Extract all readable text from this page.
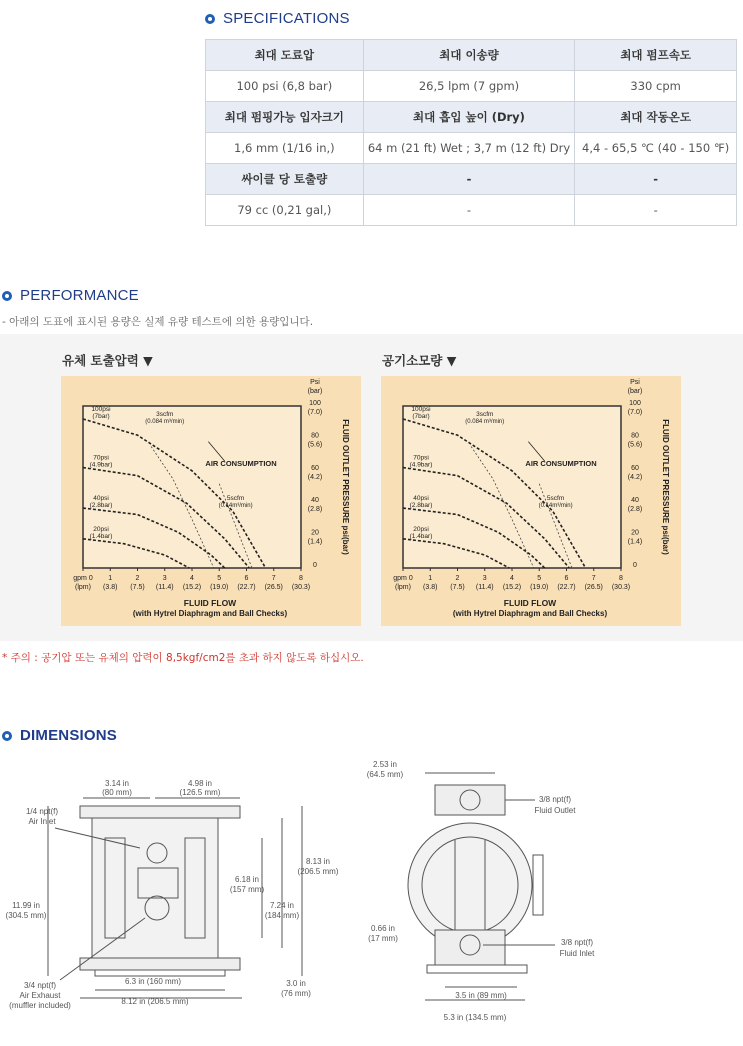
SPECIFICATIONS
최대 도료압	최대 이송량	최대 펌프속도
100 psi (6,8 bar)	26,5 lpm (7 gpm)	330 cpm
최대 펌핑가능 입자크기	최대 흡입 높이 (Dry)	최대 작동온도
1,6 mm (1/16 in,)	64 m (21 ft) Wet ; 3,7 m (12 ft) Dry	4,4 - 65,5 ℃ (40 - 150 ℉)
싸이클 당 토출량	-	-
79 cc (0,21 gal,)	-	-
PERFORMANCE
- 아래의 도표에 표시된 용량은 실제 유량 테스트에 의한 용량입니다.
유체 토출압력 ▼	공기소모량 ▼
gpm 0
(lpm)
1
(3.8)
2
(7.5)
3
(11.4)
4
(15.2)
5
(19.0)
6
(22.7)
7
(26.5)
8
(30.3)
0
20
(1.4)
40
(2.8)
60
(4.2)
80
(5.6)
100
(7.0)
Psi
(bar)
FLUID OUTLET PRESSURE psi(bar)
FLUID FLOW
(with Hytrel Diaphragm and Ball Checks)
100psi
(7bar)
70psi
(4.9bar)
40psi
(2.8bar)
20psi
(1.4bar)
3scfm
(0.084 m³/min)
5scfm
(0.14m³/min)
AIR CONSUMPTION
gpm 0
(lpm)
1
(3.8)
2
(7.5)
3
(11.4)
4
(15.2)
5
(19.0)
6
(22.7)
7
(26.5)
8
(30.3)
0
20
(1.4)
40
(2.8)
60
(4.2)
80
(5.6)
100
(7.0)
Psi
(bar)
FLUID OUTLET PRESSURE psi(bar)
FLUID FLOW
(with Hytrel Diaphragm and Ball Checks)
100psi
(7bar)
70psi
(4.9bar)
40psi
(2.8bar)
20psi
(1.4bar)
3scfm
(0.084 m³/min)
5scfm
(0.14m³/min)
AIR CONSUMPTION
* 주의 : 공기압 또는 유체의 압력이 8,5kgf/cm2를 초과 하지 않도록 하십시오.
DIMENSIONS
3.14 in
(80 mm)
4.98 in
(126.5 mm)
1/4 npt(f)
Air Inlet
11.99 in
(304.5 mm)
6.18 in
(157 mm)
7.24 in
(184 mm)
8.13 in
(206.5 mm)
6.3 in (160 mm)
8.12 in (206.5 mm)
3.0 in
(76 mm)
3/4 npt(f)
Air Exhaust
(muffler included)
2.53 in
(64.5 mm)
3/8 npt(f)
Fluid Outlet
0.66 in
(17 mm)	3/8 npt(f)
Fluid Inlet
3.5 in (89 mm)
5.3 in (134.5 mm)
